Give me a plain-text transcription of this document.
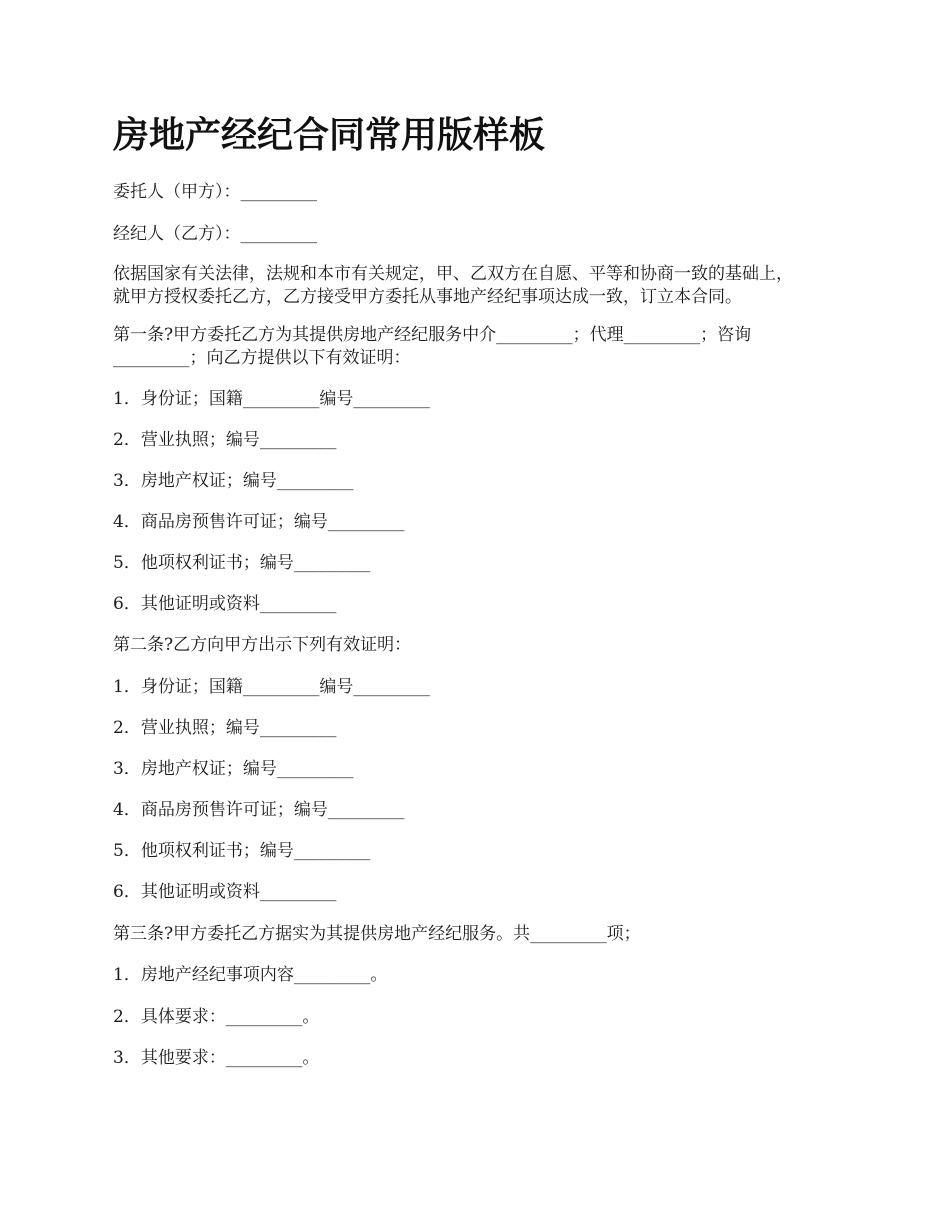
房地产经纪合同常用版样板

委托人（甲方）：_________

经纪人（乙方）：_________

依据国家有关法律，法规和本市有关规定，甲、乙双方在自愿、平等和协商一致的基础上，
就甲方授权委托乙方，乙方接受甲方委托从事地产经纪事项达成一致，订立本合同。

第一条?甲方委托乙方为其提供房地产经纪服务中介_________；代理_________；咨询
_________；向乙方提供以下有效证明：

1．身份证；国籍_________编号_________

2．营业执照；编号_________

3．房地产权证；编号_________

4．商品房预售许可证；编号_________

5．他项权利证书；编号_________

6．其他证明或资料_________

第二条?乙方向甲方出示下列有效证明：

1．身份证；国籍_________编号_________

2．营业执照；编号_________

3．房地产权证；编号_________

4．商品房预售许可证；编号_________

5．他项权利证书；编号_________

6．其他证明或资料_________

第三条?甲方委托乙方据实为其提供房地产经纪服务。共_________项；

1．房地产经纪事项内容_________。

2．具体要求：_________。

3．其他要求：_________。
